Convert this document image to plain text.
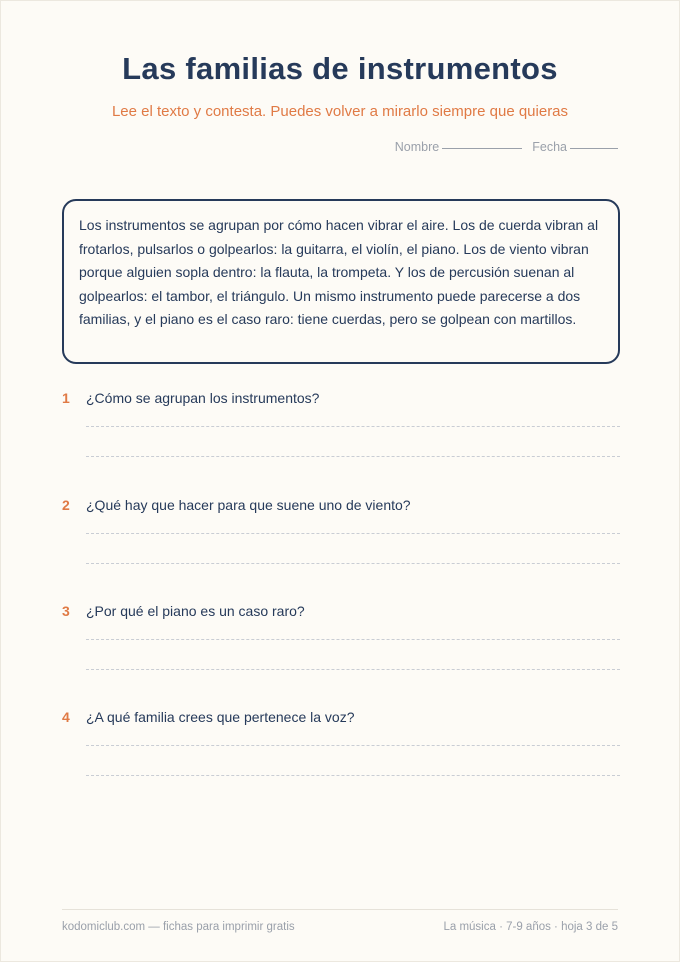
Las familias de instrumentos
Lee el texto y contesta. Puedes volver a mirarlo siempre que quieras
Nombre	Fecha
Los instrumentos se agrupan por cómo hacen vibrar el aire. Los de cuerda vibran al frotarlos, pulsarlos o golpearlos: la guitarra, el violín, el piano. Los de viento vibran porque alguien sopla dentro: la flauta, la trompeta. Y los de percusión suenan al golpearlos: el tambor, el triángulo. Un mismo instrumento puede parecerse a dos familias, y el piano es el caso raro: tiene cuerdas, pero se golpean con martillos.
1	¿Cómo se agrupan los instrumentos?
2	¿Qué hay que hacer para que suene uno de viento?
3	¿Por qué el piano es un caso raro?
4	¿A qué familia crees que pertenece la voz?
kodomiclub.com — fichas para imprimir gratis	La música · 7-9 años · hoja 3 de 5
